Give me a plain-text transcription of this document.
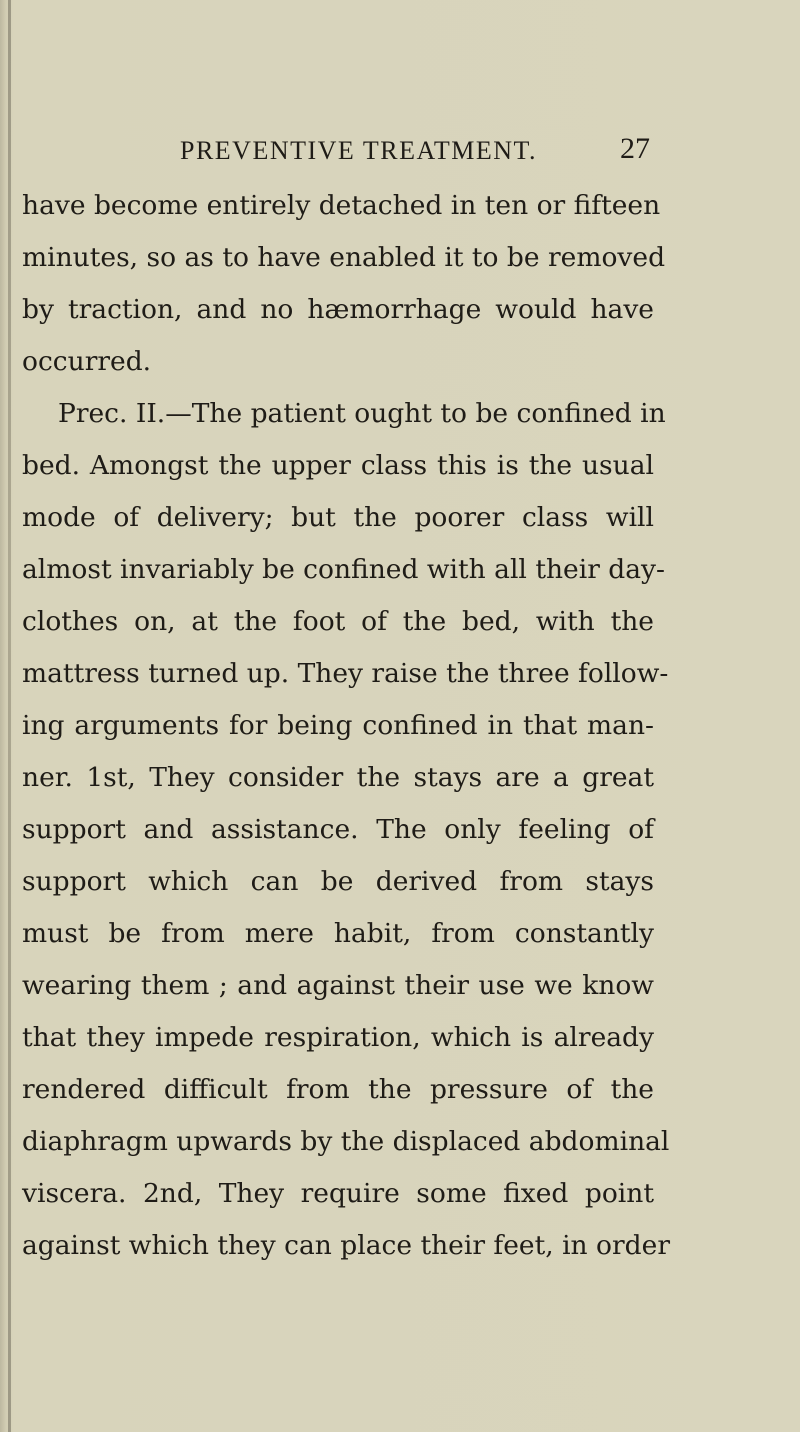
PREVENTIVE TREATMENT.	27
have become entirely detached in ten or fifteen
minutes, so as to have enabled it to be removed
by traction, and no hæmorrhage would have
occurred.
Prec. II.—The patient ought to be confined in
bed. Amongst the upper class this is the usual
mode of delivery; but the poorer class will
almost invariably be confined with all their day-
clothes on, at the foot of the bed, with the
mattress turned up. They raise the three follow-
ing arguments for being confined in that man-
ner. 1st, They consider the stays are a great
support and assistance. The only feeling of
support which can be derived from stays
must be from mere habit, from constantly
wearing them ; and against their use we know
that they impede respiration, which is already
rendered difficult from the pressure of the
diaphragm upwards by the displaced abdominal
viscera. 2nd, They require some fixed point
against which they can place their feet, in order
